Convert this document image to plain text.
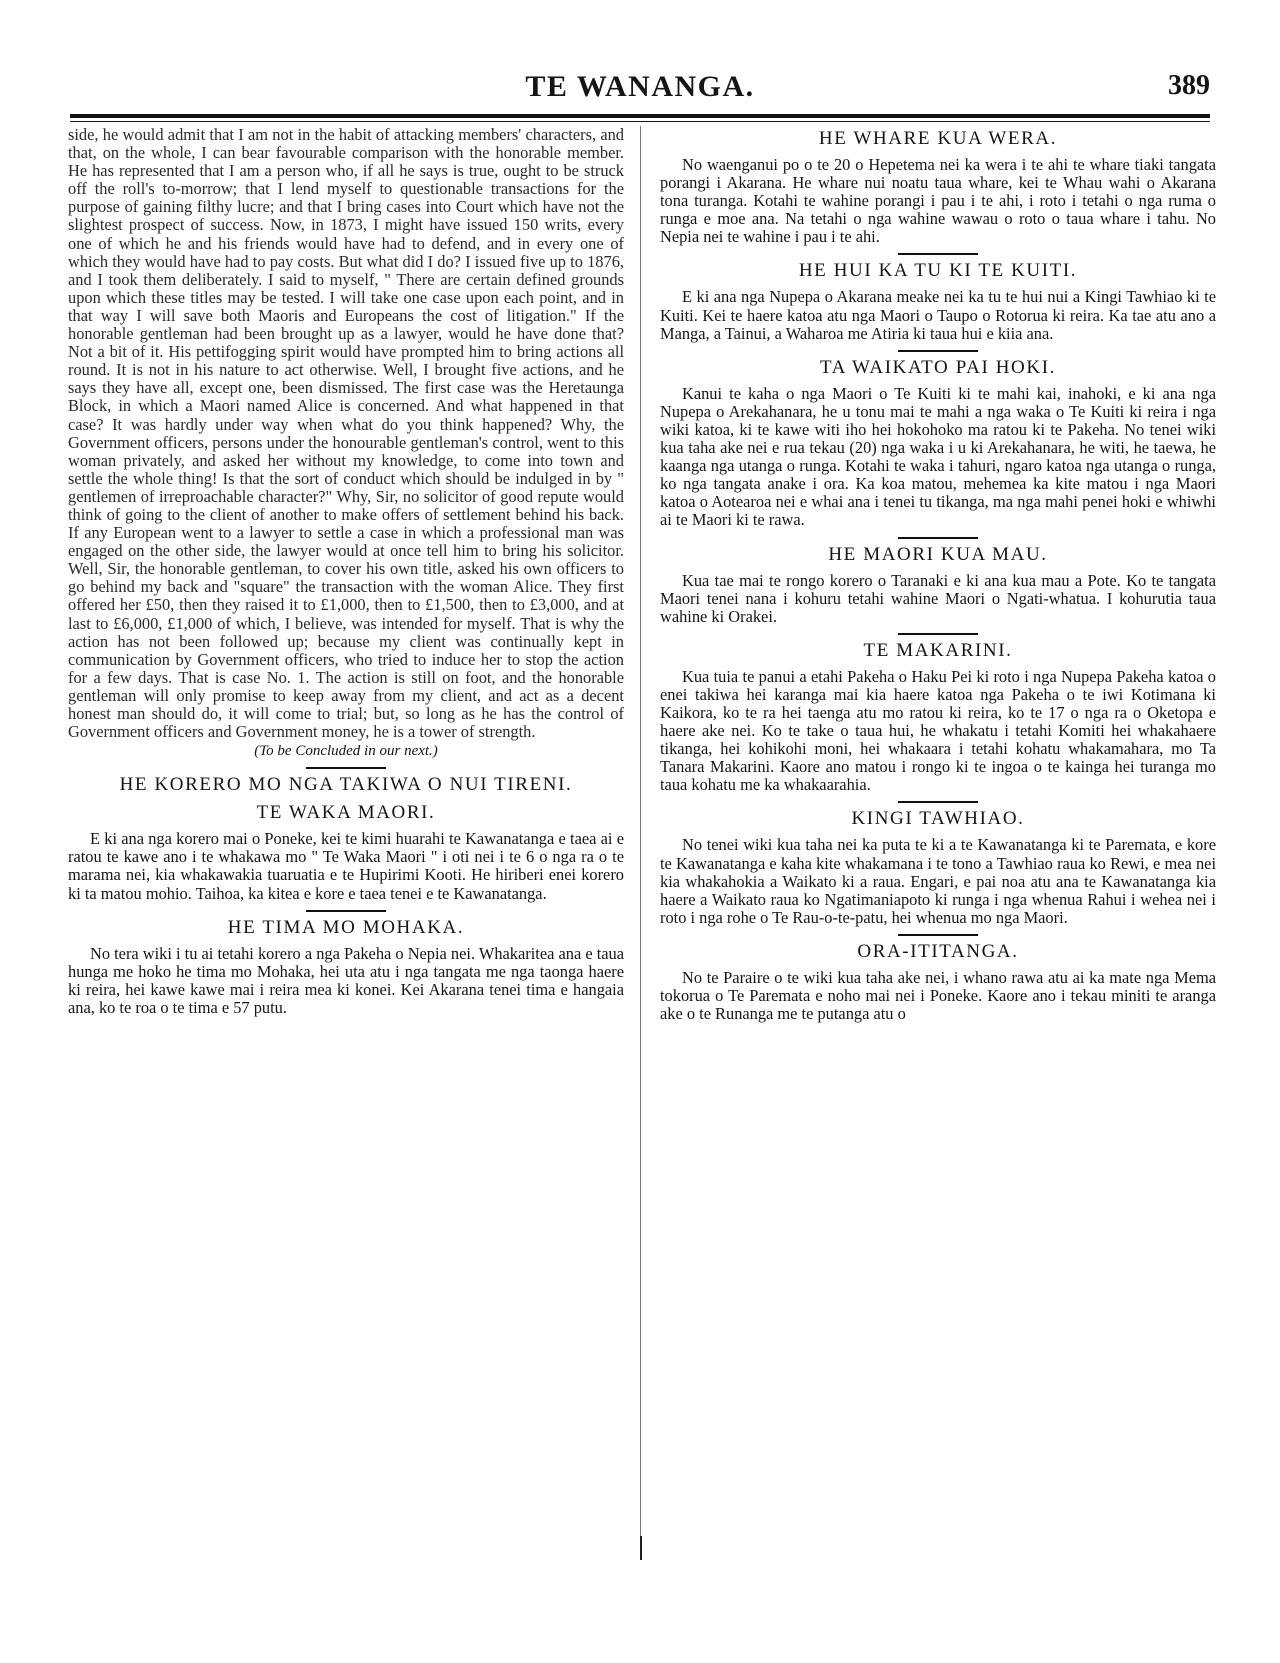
TE WANANGA.	389

side, he would admit that I am not in the habit of attacking members' characters, and that, on the whole, I can bear favourable comparison with the honorable member. He has represented that I am a person who, if all he says is true, ought to be struck off the roll's to-morrow; that I lend myself to questionable transactions for the purpose of gaining filthy lucre; and that I bring cases into Court which have not the slightest prospect of success. Now, in 1873, I might have issued 150 writs, every one of which he and his friends would have had to defend, and in every one of which they would have had to pay costs. But what did I do? I issued five up to 1876, and I took them deliberately. I said to myself, " There are certain defined grounds upon which these titles may be tested. I will take one case upon each point, and in that way I will save both Maoris and Europeans the cost of litigation." If the honorable gentleman had been brought up as a lawyer, would he have done that? Not a bit of it. His pettifogging spirit would have prompted him to bring actions all round. It is not in his nature to act otherwise. Well, I brought five actions, and he says they have all, except one, been dismissed. The first case was the Heretaunga Block, in which a Maori named Alice is concerned. And what happened in that case? It was hardly under way when what do you think happened? Why, the Government officers, persons under the honourable gentleman's control, went to this woman privately, and asked her without my knowledge, to come into town and settle the whole thing! Is that the sort of conduct which should be indulged in by " gentlemen of irreproachable character?" Why, Sir, no solicitor of good repute would think of going to the client of another to make offers of settlement behind his back. If any European went to a lawyer to settle a case in which a professional man was engaged on the other side, the lawyer would at once tell him to bring his solicitor. Well, Sir, the honorable gentleman, to cover his own title, asked his own officers to go behind my back and "square" the transaction with the woman Alice. They first offered her £50, then they raised it to £1,000, then to £1,500, then to £3,000, and at last to £6,000, £1,000 of which, I believe, was intended for myself. That is why the action has not been followed up; because my client was continually kept in communication by Government officers, who tried to induce her to stop the action for a few days. That is case No. 1. The action is still on foot, and the honorable gentleman will only promise to keep away from my client, and act as a decent honest man should do, it will come to trial; but, so long as he has the control of Government officers and Government money, he is a tower of strength.

(To be Concluded in our next.)

HE KORERO MO NGA TAKIWA O NUI TIRENI.
TE WAKA MAORI.

E ki ana nga korero mai o Poneke, kei te kimi huarahi te Kawanatanga e taea ai e ratou te kawe ano i te whakawa mo " Te Waka Maori " i oti nei i te 6 o nga ra o te marama nei, kia whakawakia tuaruatia e te Hupirimi Kooti. He hiriberi enei korero ki ta matou mohio. Taihoa, ka kitea e kore e taea tenei e te Kawanatanga.

HE TIMA MO MOHAKA.

No tera wiki i tu ai tetahi korero a nga Pakeha o Nepia nei. Whakaritea ana e taua hunga me hoko he tima mo Mohaka, hei uta atu i nga tangata me nga taonga haere ki reira, hei kawe kawe mai i reira mea ki konei. Kei Akarana tenei tima e hangaia ana, ko te roa o te tima e 57 putu.

HE WHARE KUA WERA.

No waenganui po o te 20 o Hepetema nei ka wera i te ahi te whare tiaki tangata porangi i Akarana. He whare nui noatu taua whare, kei te Whau wahi o Akarana tona turanga. Kotahi te wahine porangi i pau i te ahi, i roto i tetahi o nga ruma o runga e moe ana. Na tetahi o nga wahine wawau o roto o taua whare i tahu. No Nepia nei te wahine i pau i te ahi.

HE HUI KA TU KI TE KUITI.

E ki ana nga Nupepa o Akarana meake nei ka tu te hui nui a Kingi Tawhiao ki te Kuiti. Kei te haere katoa atu nga Maori o Taupo o Rotorua ki reira. Ka tae atu ano a Manga, a Tainui, a Waharoa me Atiria ki taua hui e kiia ana.

TA WAIKATO PAI HOKI.

Kanui te kaha o nga Maori o Te Kuiti ki te mahi kai, inahoki, e ki ana nga Nupepa o Arekahanara, he u tonu mai te mahi a nga waka o Te Kuiti ki reira i nga wiki katoa, ki te kawe witi iho hei hokohoko ma ratou ki te Pakeha. No tenei wiki kua taha ake nei e rua tekau (20) nga waka i u ki Arekahanara, he witi, he taewa, he kaanga nga utanga o runga. Kotahi te waka i tahuri, ngaro katoa nga utanga o runga, ko nga tangata anake i ora. Ka koa matou, mehemea ka kite matou i nga Maori katoa o Aotearoa nei e whai ana i tenei tu tikanga, ma nga mahi penei hoki e whiwhi ai te Maori ki te rawa.

HE MAORI KUA MAU.

Kua tae mai te rongo korero o Taranaki e ki ana kua mau a Pote. Ko te tangata Maori tenei nana i kohuru tetahi wahine Maori o Ngati-whatua. I kohurutia taua wahine ki Orakei.

TE MAKARINI.

Kua tuia te panui a etahi Pakeha o Haku Pei ki roto i nga Nupepa Pakeha katoa o enei takiwa hei karanga mai kia haere katoa nga Pakeha o te iwi Kotimana ki Kaikora, ko te ra hei taenga atu mo ratou ki reira, ko te 17 o nga ra o Oketopa e haere ake nei. Ko te take o taua hui, he whakatu i tetahi Komiti hei whakahaere tikanga, hei kohikohi moni, hei whakaara i tetahi kohatu whakamahara, mo Ta Tanara Makarini. Kaore ano matou i rongo ki te ingoa o te kainga hei turanga mo taua kohatu me ka whakaarahia.

KINGI TAWHIAO.

No tenei wiki kua taha nei ka puta te ki a te Kawanatanga ki te Paremata, e kore te Kawanatanga e kaha kite whakamana i te tono a Tawhiao raua ko Rewi, e mea nei kia whakahokia a Waikato ki a raua. Engari, e pai noa atu ana te Kawanatanga kia haere a Waikato raua ko Ngatimaniapoto ki runga i nga whenua Rahui i wehea nei i roto i nga rohe o Te Rau-o-te-patu, hei whenua mo nga Maori.

ORA-ITITANGA.

No te Paraire o te wiki kua taha ake nei, i whano rawa atu ai ka mate nga Mema tokorua o Te Paremata e noho mai nei i Poneke. Kaore ano i tekau miniti te aranga ake o te Runanga me te putanga atu o
